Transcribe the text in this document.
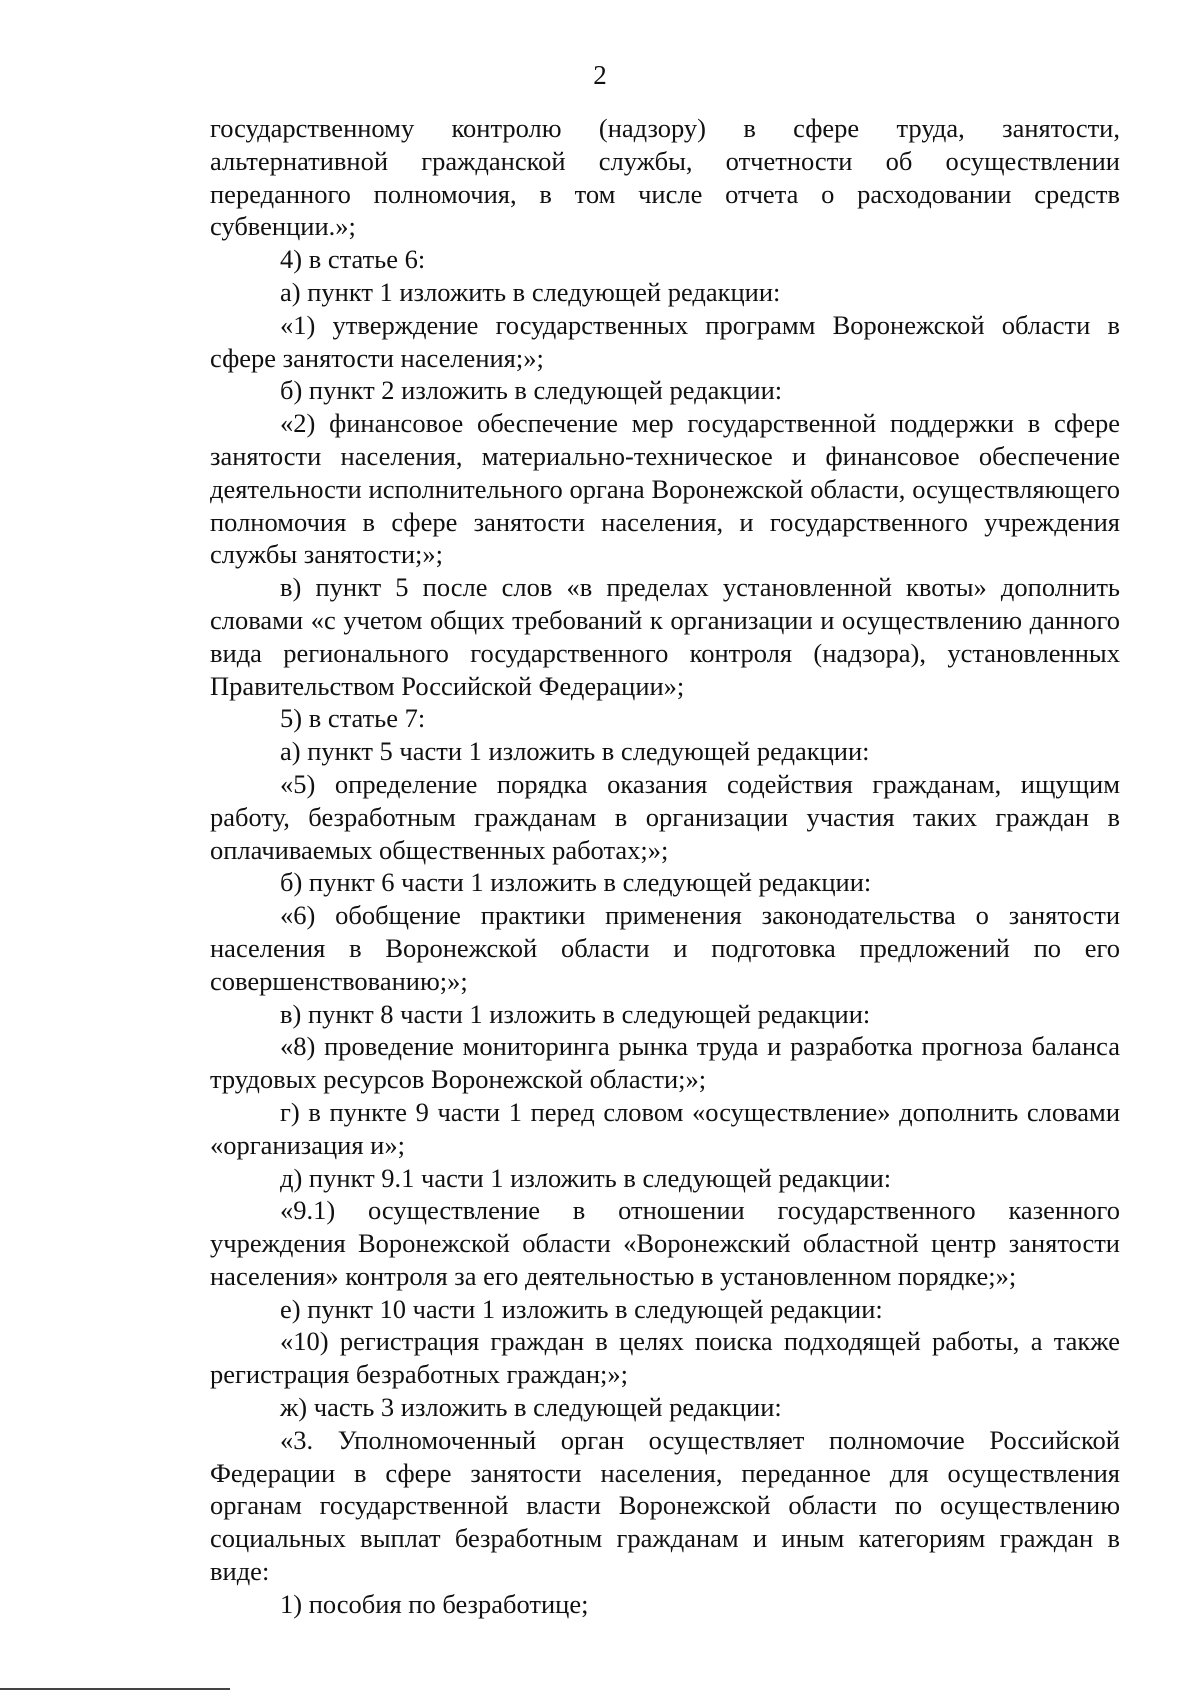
2

государственному контролю (надзору) в сфере труда, занятости, альтернативной гражданской службы, отчетности об осуществлении переданного полномочия, в том числе отчета о расходовании средств субвенции.»;

4) в статье 6:

а) пункт 1 изложить в следующей редакции:

«1) утверждение государственных программ Воронежской области в сфере занятости населения;»;

б) пункт 2 изложить в следующей редакции:

«2) финансовое обеспечение мер государственной поддержки в сфере занятости населения, материально-техническое и финансовое обеспечение деятельности исполнительного органа Воронежской области, осуществляющего полномочия в сфере занятости населения, и государственного учреждения службы занятости;»;

в) пункт 5 после слов «в пределах установленной квоты» дополнить словами «с учетом общих требований к организации и осуществлению данного вида регионального государственного контроля (надзора), установленных Правительством Российской Федерации»;

5) в статье 7:

а) пункт 5 части 1 изложить в следующей редакции:

«5) определение порядка оказания содействия гражданам, ищущим работу, безработным гражданам в организации участия таких граждан в оплачиваемых общественных работах;»;

б) пункт 6 части 1 изложить в следующей редакции:

«6) обобщение практики применения законодательства о занятости населения в Воронежской области и подготовка предложений по его совершенствованию;»;

в) пункт 8 части 1 изложить в следующей редакции:

«8) проведение мониторинга рынка труда и разработка прогноза баланса трудовых ресурсов Воронежской области;»;

г) в пункте 9 части 1 перед словом «осуществление» дополнить словами «организация и»;

д) пункт 9.1 части 1 изложить в следующей редакции:

«9.1) осуществление в отношении государственного казенного учреждения Воронежской области «Воронежский областной центр занятости населения» контроля за его деятельностью в установленном порядке;»;

е) пункт 10 части 1 изложить в следующей редакции:

«10) регистрация граждан в целях поиска подходящей работы, а также регистрация безработных граждан;»;

ж) часть 3 изложить в следующей редакции:

«3. Уполномоченный орган осуществляет полномочие Российской Федерации в сфере занятости населения, переданное для осуществления органам государственной власти Воронежской области по осуществлению социальных выплат безработным гражданам и иным категориям граждан в виде:

1) пособия по безработице;
